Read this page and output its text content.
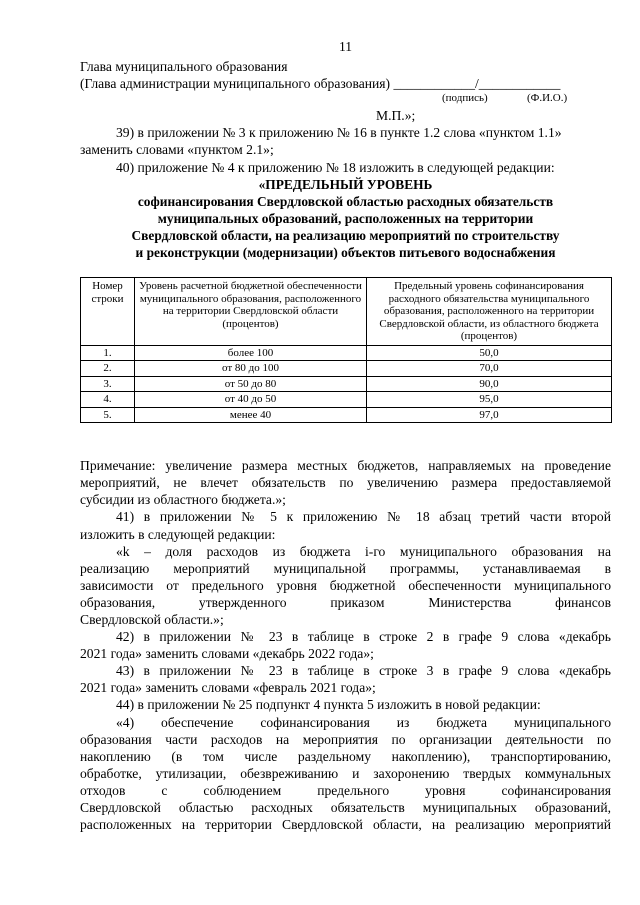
11
Глава муниципального образования
(Глава администрации муниципального образования) ____________/____________
(подпись)	(Ф.И.О.)
М.П.»;
39) в приложении № 3 к приложению № 16 в пункте 1.2 слова «пунктом 1.1»
заменить словами «пунктом 2.1»;
40) приложение № 4 к приложению № 18 изложить в следующей редакции:
«ПРЕДЕЛЬНЫЙ УРОВЕНЬ
софинансирования Свердловской областью расходных обязательств
муниципальных образований, расположенных на территории
Свердловской области, на реализацию мероприятий по строительству
и реконструкции (модернизации) объектов питьевого водоснабжения
Номер строки	Уровень расчетной бюджетной обеспеченности муниципального образования, расположенного на территории Свердловской области (процентов)	Предельный уровень софинансирования расходного обязательства муниципального образования, расположенного на территории Свердловской области, из областного бюджета (процентов)
1.	более 100	50,0
2.	от 80 до 100	70,0
3.	от 50 до 80	90,0
4.	от 40 до 50	95,0
5.	менее 40	97,0
Примечание: увеличение размера местных бюджетов, направляемых на проведение
мероприятий, не влечет обязательств по увеличению размера предоставляемой
субсидии из областного бюджета.»;
41) в приложении № 5 к приложению № 18 абзац третий части второй
изложить в следующей редакции:
«k – доля расходов из бюджета i-го муниципального образования на
реализацию мероприятий муниципальной программы, устанавливаемая в
зависимости от предельного уровня бюджетной обеспеченности муниципального
образования, утвержденного приказом Министерства финансов
Свердловской области.»;
42) в приложении № 23 в таблице в строке 2 в графе 9 слова «декабрь
2021 года» заменить словами «декабрь 2022 года»;
43) в приложении № 23 в таблице в строке 3 в графе 9 слова «декабрь
2021 года» заменить словами «февраль 2021 года»;
44) в приложении № 25 подпункт 4 пункта 5 изложить в новой редакции:
«4) обеспечение софинансирования из бюджета муниципального
образования части расходов на мероприятия по организации деятельности по
накоплению (в том числе раздельному накоплению), транспортированию,
обработке, утилизации, обезвреживанию и захоронению твердых коммунальных
отходов с соблюдением предельного уровня софинансирования
Свердловской областью расходных обязательств муниципальных образований,
расположенных на территории Свердловской области, на реализацию мероприятий
